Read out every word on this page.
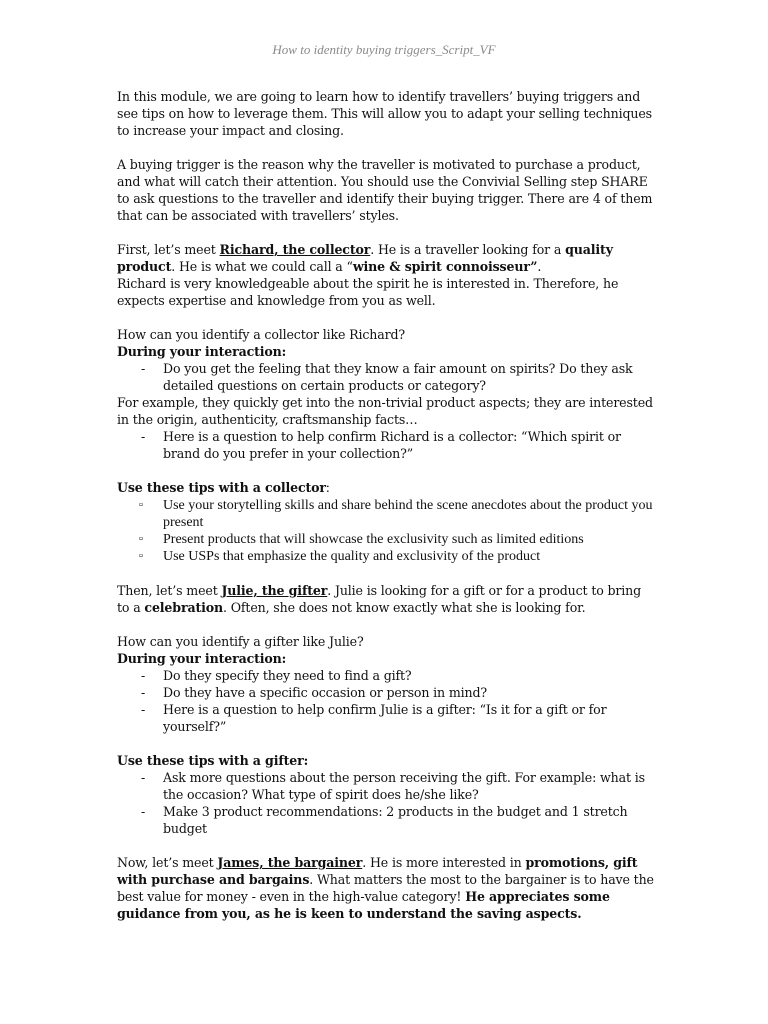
How to identity buying triggers_Script_VF

In this module, we are going to learn how to identify travellers’ buying triggers and see tips on how to leverage them. This will allow you to adapt your selling techniques to increase your impact and closing.

A buying trigger is the reason why the traveller is motivated to purchase a product, and what will catch their attention. You should use the Convivial Selling step SHARE to ask questions to the traveller and identify their buying trigger. There are 4 of them that can be associated with travellers’ styles.

First, let’s meet Richard, the collector. He is a traveller looking for a quality product. He is what we could call a “wine & spirit connoisseur”.

Richard is very knowledgeable about the spirit he is interested in. Therefore, he expects expertise and knowledge from you as well.

How can you identify a collector like Richard?

During your interaction:

- Do you get the feeling that they know a fair amount on spirits? Do they ask detailed questions on certain products or category?

For example, they quickly get into the non-trivial product aspects; they are interested in the origin, authenticity, craftsmanship facts…

- Here is a question to help confirm Richard is a collector: “Which spirit or brand do you prefer in your collection?”

Use these tips with a collector:

▫ Use your storytelling skills and share behind the scene anecdotes about the product you present
▫ Present products that will showcase the exclusivity such as limited editions
▫ Use USPs that emphasize the quality and exclusivity of the product

Then, let’s meet Julie, the gifter. Julie is looking for a gift or for a product to bring to a celebration. Often, she does not know exactly what she is looking for.

How can you identify a gifter like Julie?

During your interaction:

- Do they specify they need to find a gift?
- Do they have a specific occasion or person in mind?
- Here is a question to help confirm Julie is a gifter: “Is it for a gift or for yourself?”

Use these tips with a gifter:

- Ask more questions about the person receiving the gift. For example: what is the occasion? What type of spirit does he/she like?
- Make 3 product recommendations: 2 products in the budget and 1 stretch budget

Now, let’s meet James, the bargainer. He is more interested in promotions, gift with purchase and bargains. What matters the most to the bargainer is to have the best value for money - even in the high-value category! He appreciates some guidance from you, as he is keen to understand the saving aspects.
